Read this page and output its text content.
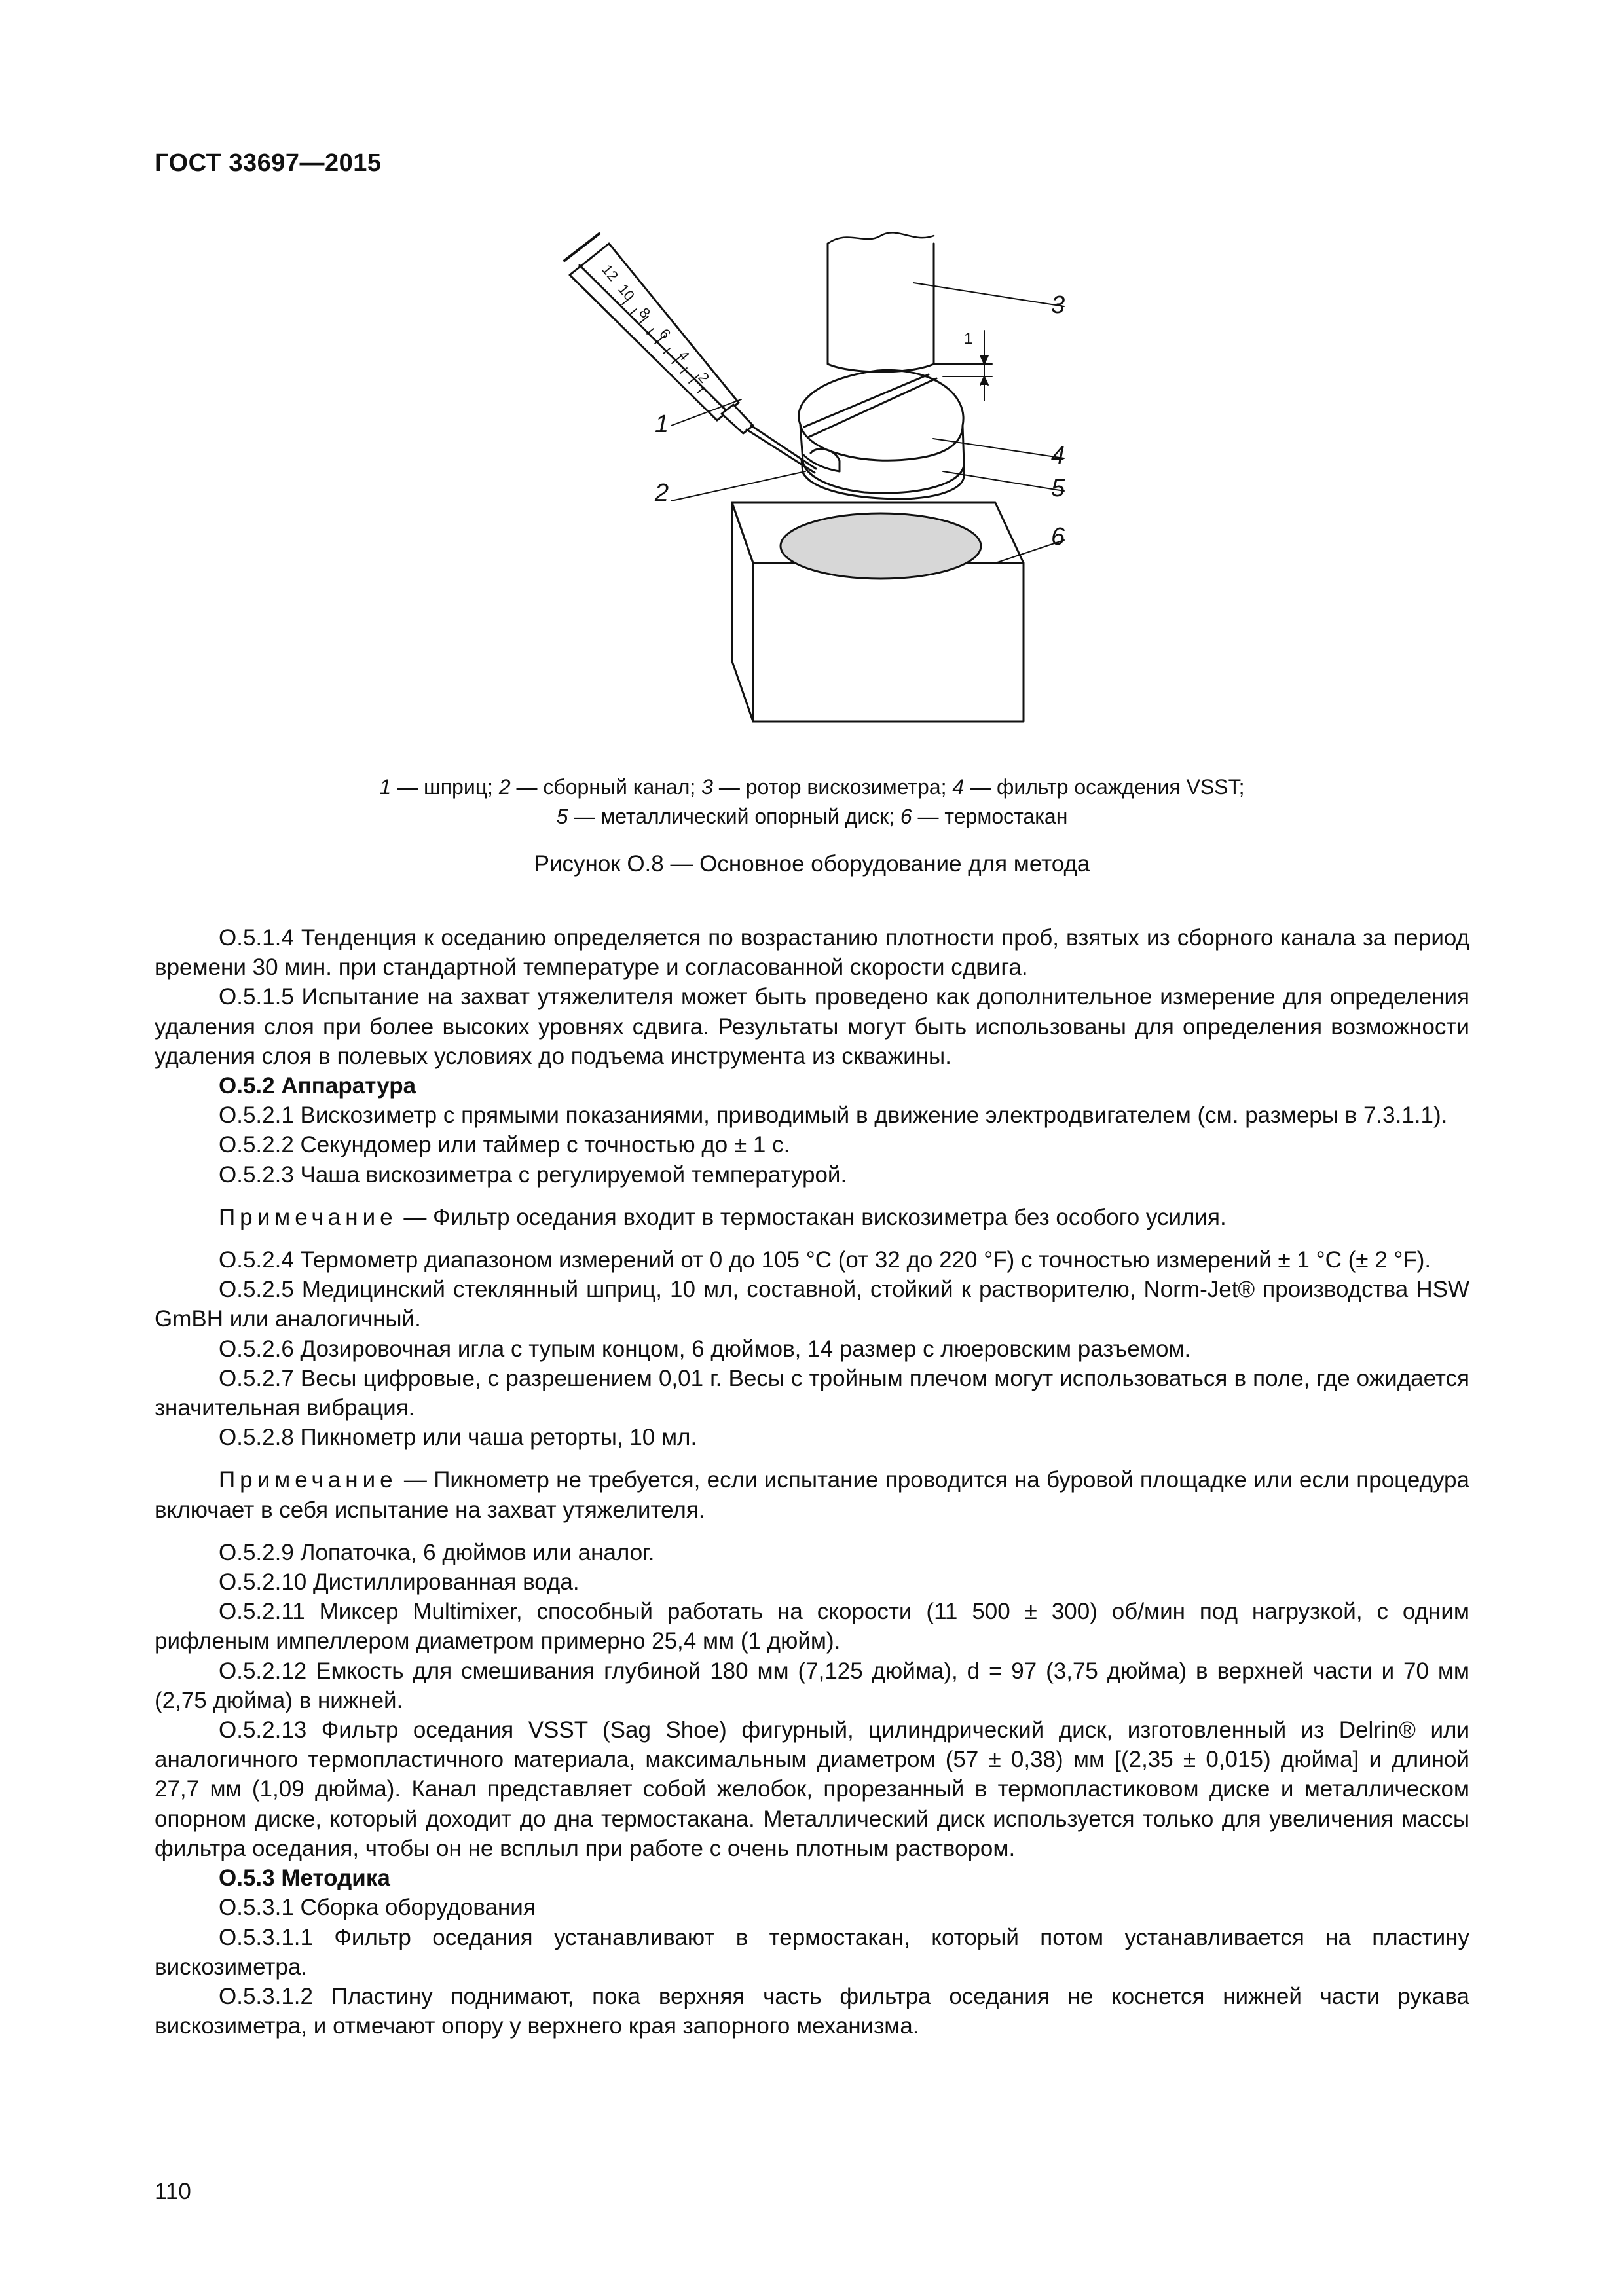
ГОСТ 33697—2015
12
10
8
6
4
2
3
4
5
6
1
2
1
1 — шприц; 2 — сборный канал; 3 — ротор вискозиметра; 4 — фильтр осаждения VSST;
5 — металлический опорный диск; 6 — термостакан
Рисунок О.8 — Основное оборудование для метода

О.5.1.4 Тенденция к оседанию определяется по возрастанию плотности проб, взятых из сборного канала за период времени 30 мин. при стандартной температуре и согласованной скорости сдвига.

О.5.1.5 Испытание на захват утяжелителя может быть проведено как дополнительное измерение для определения удаления слоя при более высоких уровнях сдвига. Результаты могут быть использованы для определения возможности удаления слоя в полевых условиях до подъема инструмента из скважины.

О.5.2 Аппаратура

О.5.2.1 Вискозиметр с прямыми показаниями, приводимый в движение электродвигателем (см. размеры в 7.3.1.1).

О.5.2.2 Секундомер или таймер с точностью до ± 1 с.

О.5.2.3 Чаша вискозиметра с регулируемой температурой.

Примечание — Фильтр оседания входит в термостакан вискозиметра без особого усилия.

О.5.2.4 Термометр диапазоном измерений от 0 до 105 °С (от 32 до 220 °F) с точностью измерений ± 1 °С (± 2 °F).

О.5.2.5 Медицинский стеклянный шприц, 10 мл, составной, стойкий к растворителю, Norm-Jet® производства HSW GmBH или аналогичный.

О.5.2.6 Дозировочная игла с тупым концом, 6 дюймов, 14 размер с люеровским разъемом.

О.5.2.7 Весы цифровые, с разрешением 0,01 г. Весы с тройным плечом могут использоваться в поле, где ожидается значительная вибрация.

О.5.2.8 Пикнометр или чаша реторты, 10 мл.

Примечание — Пикнометр не требуется, если испытание проводится на буровой площадке или если процедура включает в себя испытание на захват утяжелителя.

О.5.2.9 Лопаточка, 6 дюймов или аналог.

О.5.2.10 Дистиллированная вода.

О.5.2.11 Миксер Multimixer, способный работать на скорости (11 500 ± 300) об/мин под нагрузкой, с одним рифленым импеллером диаметром примерно 25,4 мм (1 дюйм).

О.5.2.12 Емкость для смешивания глубиной 180 мм (7,125 дюйма), d = 97 (3,75 дюйма) в верхней части и 70 мм (2,75 дюйма) в нижней.

О.5.2.13 Фильтр оседания VSST (Sag Shoe) фигурный, цилиндрический диск, изготовленный из Delrin® или аналогичного термопластичного материала, максимальным диаметром (57 ± 0,38) мм [(2,35 ± 0,015) дюйма] и длиной 27,7 мм (1,09 дюйма). Канал представляет собой желобок, прорезанный в термопластиковом диске и металлическом опорном диске, который доходит до дна термостакана. Металлический диск используется только для увеличения массы фильтра оседания, чтобы он не всплыл при работе с очень плотным раствором.

О.5.3 Методика

О.5.3.1 Сборка оборудования

О.5.3.1.1 Фильтр оседания устанавливают в термостакан, который потом устанавливается на пластину вискозиметра.

О.5.3.1.2 Пластину поднимают, пока верхняя часть фильтра оседания не коснется нижней части рукава вискозиметра, и отмечают опору у верхнего края запорного механизма.

110
